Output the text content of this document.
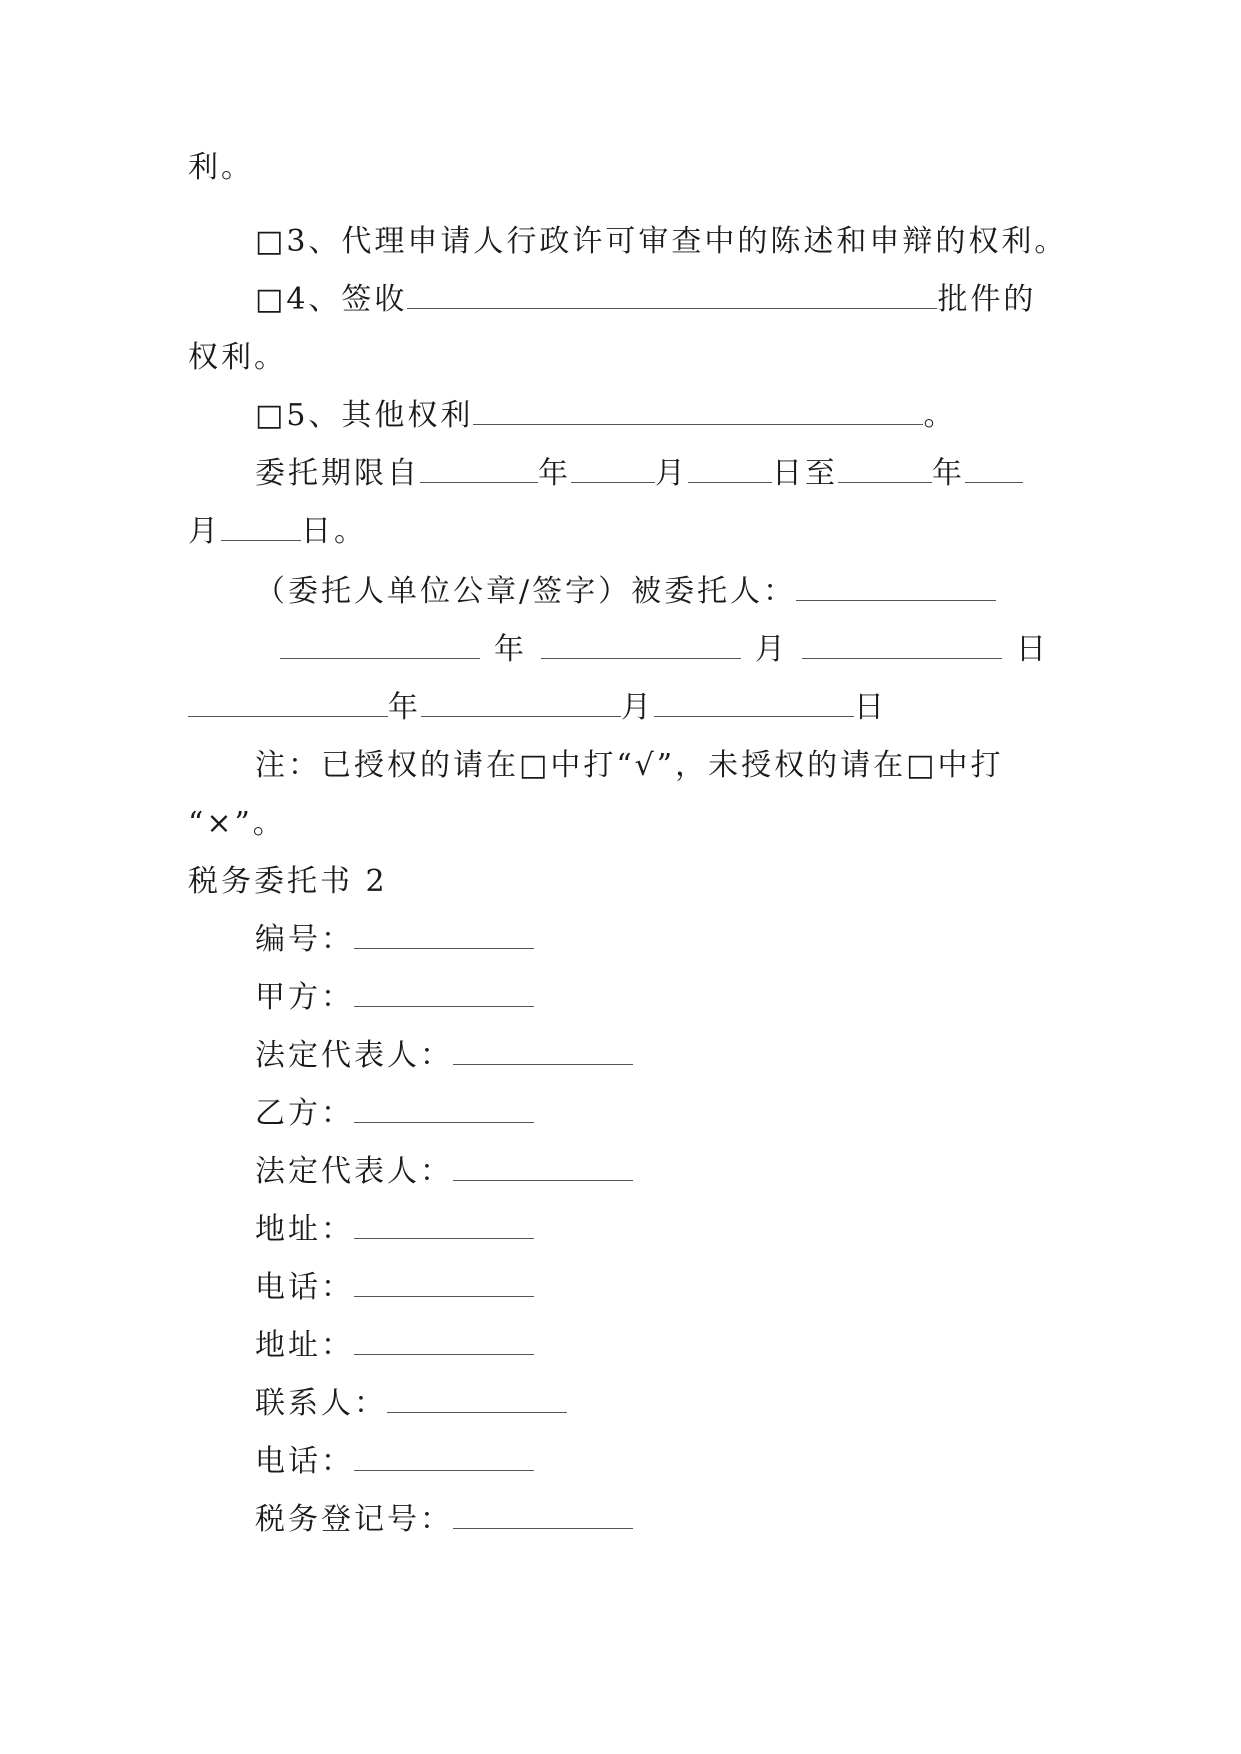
利。
□3、代理申请人行政许可审查中的陈述和申辩的权利。
□4、签收	批件的
权利。
□5、其他权利	。
委托期限自	年	月	日至	年
月	日。
（委托人单位公章/签字）被委托人：
年	月	日
年	月	日
注：已授权的请在□中打“√”，未授权的请在□中打
“×”。
税务委托书 2
编号：
甲方：
法定代表人：
乙方：
法定代表人：
地址：
电话：
地址：
联系人：
电话：
税务登记号：
